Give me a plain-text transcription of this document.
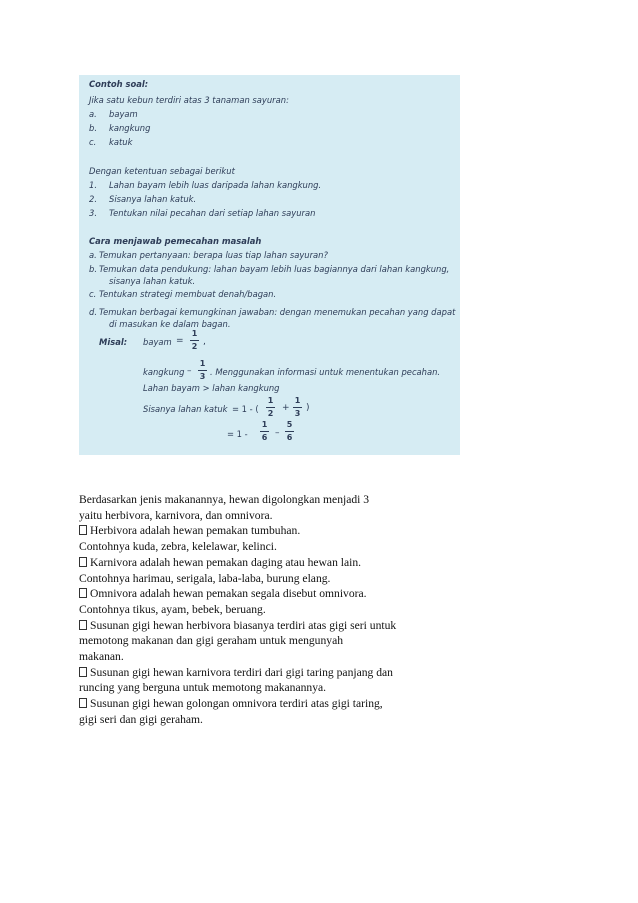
Contoh soal:
Jika satu kebun terdiri atas 3 tanaman sayuran:
a. bayam
b. kangkung
c. katuk
Dengan ketentuan sebagai berikut
1. Lahan bayam lebih luas daripada lahan kangkung.
2. Sisanya lahan katuk.
3. Tentukan nilai pecahan dari setiap lahan sayuran
Cara menjawab pemecahan masalah
a. Temukan pertanyaan: berapa luas tiap lahan sayuran?
b. Temukan data pendukung: lahan bayam lebih luas bagiannya dari lahan kangkung,
sisanya lahan katuk.
c. Tentukan strategi membuat denah/bagan.
d. Temukan berbagai kemungkinan jawaban: dengan menemukan pecahan yang dapat
di masukan ke dalam bagan.
Misal: bayam =
1
2 ,
kangkung –
1
3 . Menggunakan informasi untuk menentukan pecahan.
Lahan bayam > lahan kangkung
Sisanya lahan katuk = 1 - (
1
2
+
1
3
)
= 1 -
1
6 –
5
6
Berdasarkan jenis makanannya, hewan digolongkan menjadi 3
yaitu herbivora, karnivora, dan omnivora.
Herbivora adalah hewan pemakan tumbuhan.
Contohnya kuda, zebra, kelelawar, kelinci.
Karnivora adalah hewan pemakan daging atau hewan lain.
Contohnya harimau, serigala, laba-laba, burung elang.
Omnivora adalah hewan pemakan segala disebut omnivora.
Contohnya tikus, ayam, bebek, beruang.
Susunan gigi hewan herbivora biasanya terdiri atas gigi seri untuk
memotong makanan dan gigi geraham untuk mengunyah
makanan.
Susunan gigi hewan karnivora terdiri dari gigi taring panjang dan
runcing yang berguna untuk memotong makanannya.
Susunan gigi hewan golongan omnivora terdiri atas gigi taring,
gigi seri dan gigi geraham.
